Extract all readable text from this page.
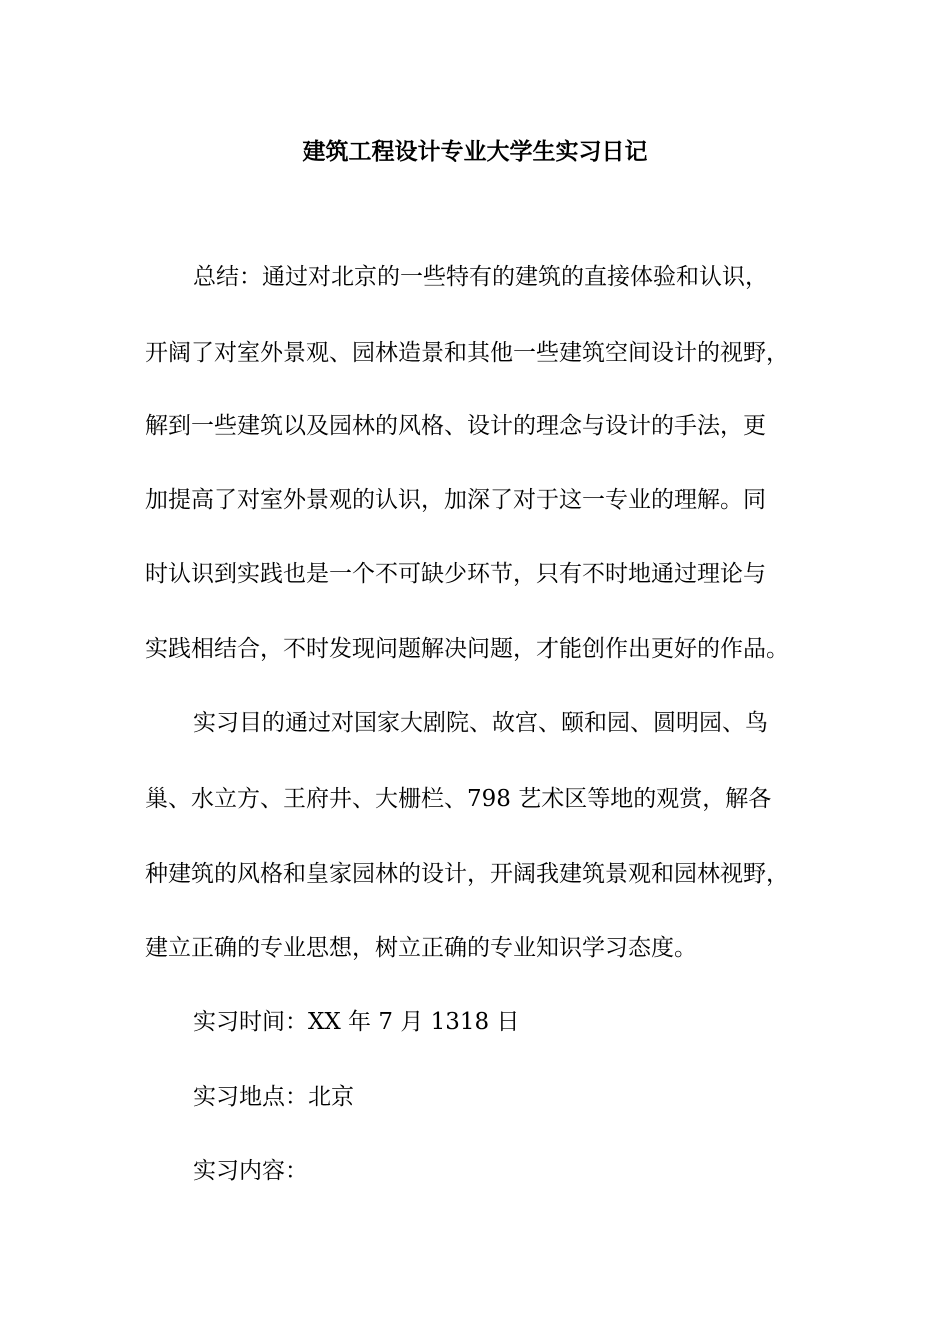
建筑工程设计专业大学生实习日记
总结：通过对北京的一些特有的建筑的直接体验和认识，
开阔了对室外景观、园林造景和其他一些建筑空间设计的视野，
解到一些建筑以及园林的风格、设计的理念与设计的手法，更
加提高了对室外景观的认识，加深了对于这一专业的理解。同
时认识到实践也是一个不可缺少环节，只有不时地通过理论与
实践相结合，不时发现问题解决问题，才能创作出更好的作品。
实习目的通过对国家大剧院、故宫、颐和园、圆明园、鸟
巢、水立方、王府井、大栅栏、798 艺术区等地的观赏，解各
种建筑的风格和皇家园林的设计，开阔我建筑景观和园林视野，
建立正确的专业思想，树立正确的专业知识学习态度。
实习时间：XX 年 7 月 1318 日
实习地点：北京
实习内容：
